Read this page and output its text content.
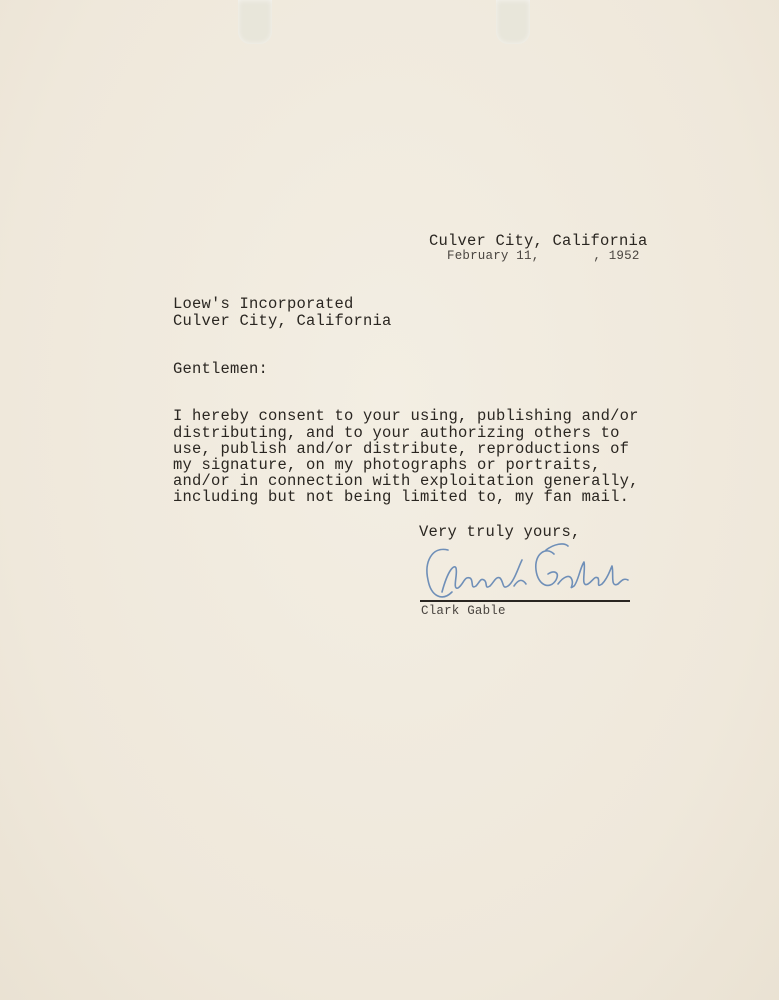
Culver City, California
February 11,       , 1952
Loew's Incorporated
Culver City, California
Gentlemen:
I hereby consent to your using, publishing and/or
distributing, and to your authorizing others to
use, publish and/or distribute, reproductions of
my signature, on my photographs or portraits,
and/or in connection with exploitation generally,
including but not being limited to, my fan mail.
Very truly yours,
Clark Gable
